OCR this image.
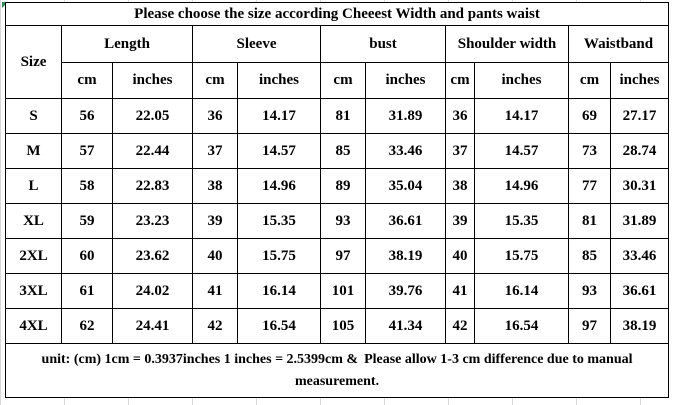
Please choose the size according Cheeest Width and pants waist										
Size	Length		Sleeve		bust		Shoulder width		Waistband	
	cm	inches	cm	inches	cm	inches	cm	inches	cm	inches
S	56	22.05	36	14.17	81	31.89	36	14.17	69	27.17
M	57	22.44	37	14.57	85	33.46	37	14.57	73	28.74
L	58	22.83	38	14.96	89	35.04	38	14.96	77	30.31
XL	59	23.23	39	15.35	93	36.61	39	15.35	81	31.89
2XL	60	23.62	40	15.75	97	38.19	40	15.75	85	33.46
3XL	61	24.02	41	16.14	101	39.76	41	16.14	93	36.61
4XL	62	24.41	42	16.54	105	41.34	42	16.54	97	38.19
unit: (cm) 1cm = 0.3937inches 1 inches = 2.5399cm & Please allow 1-3 cm difference due to manual measurement.										
